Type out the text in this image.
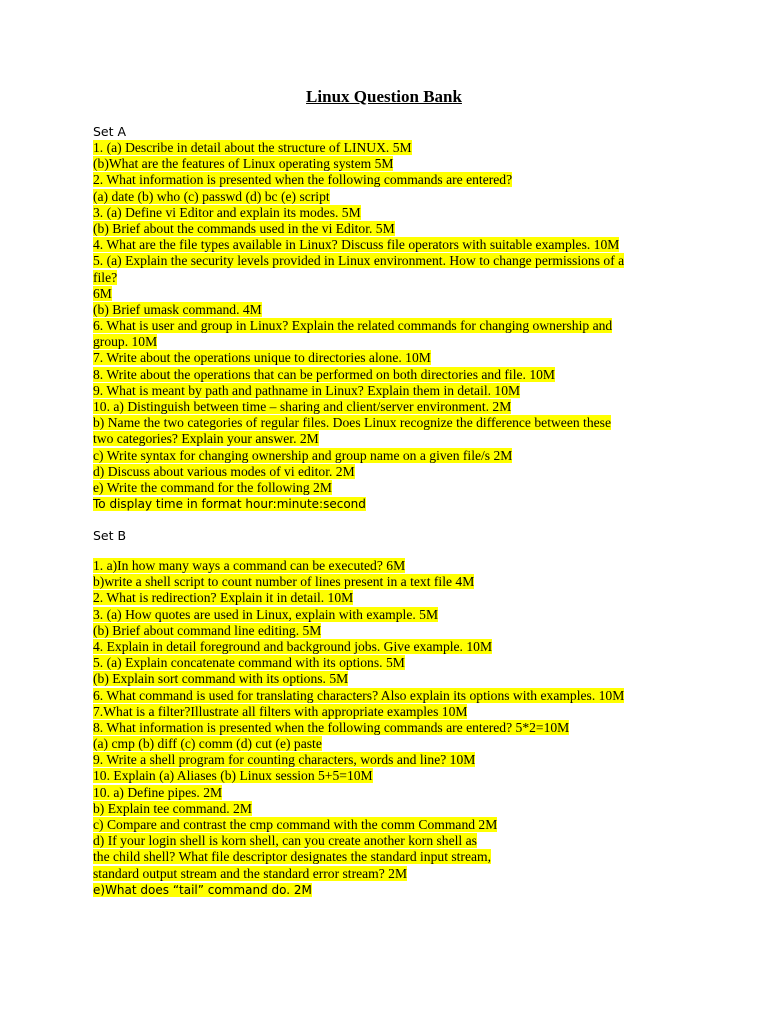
Linux Question Bank

Set A

1. (a) Describe in detail about the structure of LINUX. 5M
(b)What are the features of Linux operating system 5M
2. What information is presented when the following commands are entered?
(a) date (b) who (c) passwd (d) bc (e) script
3. (a) Define vi Editor and explain its modes. 5M
(b) Brief about the commands used in the vi Editor. 5M
4. What are the file types available in Linux? Discuss file operators with suitable examples. 10M
5. (a) Explain the security levels provided in Linux environment. How to change permissions of a
file?
6M
(b) Brief umask command. 4M
6. What is user and group in Linux? Explain the related commands for changing ownership and
group. 10M
7. Write about the operations unique to directories alone. 10M
8. Write about the operations that can be performed on both directories and file. 10M
9. What is meant by path and pathname in Linux? Explain them in detail. 10M
10. a) Distinguish between time – sharing and client/server environment. 2M
b) Name the two categories of regular files. Does Linux recognize the difference between these
two categories? Explain your answer. 2M
c) Write syntax for changing ownership and group name on a given file/s 2M
d) Discuss about various modes of vi editor. 2M
e) Write the command for the following 2M
To display time in format hour:minute:second

Set B

1. a)In how many ways a command can be executed? 6M
b)write a shell script to count number of lines present in a text file 4M
2. What is redirection? Explain it in detail. 10M
3. (a) How quotes are used in Linux, explain with example. 5M
(b) Brief about command line editing. 5M
4. Explain in detail foreground and background jobs. Give example. 10M
5. (a) Explain concatenate command with its options. 5M
(b) Explain sort command with its options. 5M
6. What command is used for translating characters? Also explain its options with examples. 10M
7.What is a filter?Illustrate all filters with appropriate examples 10M
8. What information is presented when the following commands are entered? 5*2=10M
(a) cmp (b) diff (c) comm (d) cut (e) paste
9. Write a shell program for counting characters, words and line? 10M
10. Explain (a) Aliases (b) Linux session 5+5=10M
10. a) Define pipes. 2M
b) Explain tee command. 2M
c) Compare and contrast the cmp command with the comm Command 2M
d) If your login shell is korn shell, can you create another korn shell as
the child shell? What file descriptor designates the standard input stream,
standard output stream and the standard error stream? 2M
e)What does “tail” command do. 2M
